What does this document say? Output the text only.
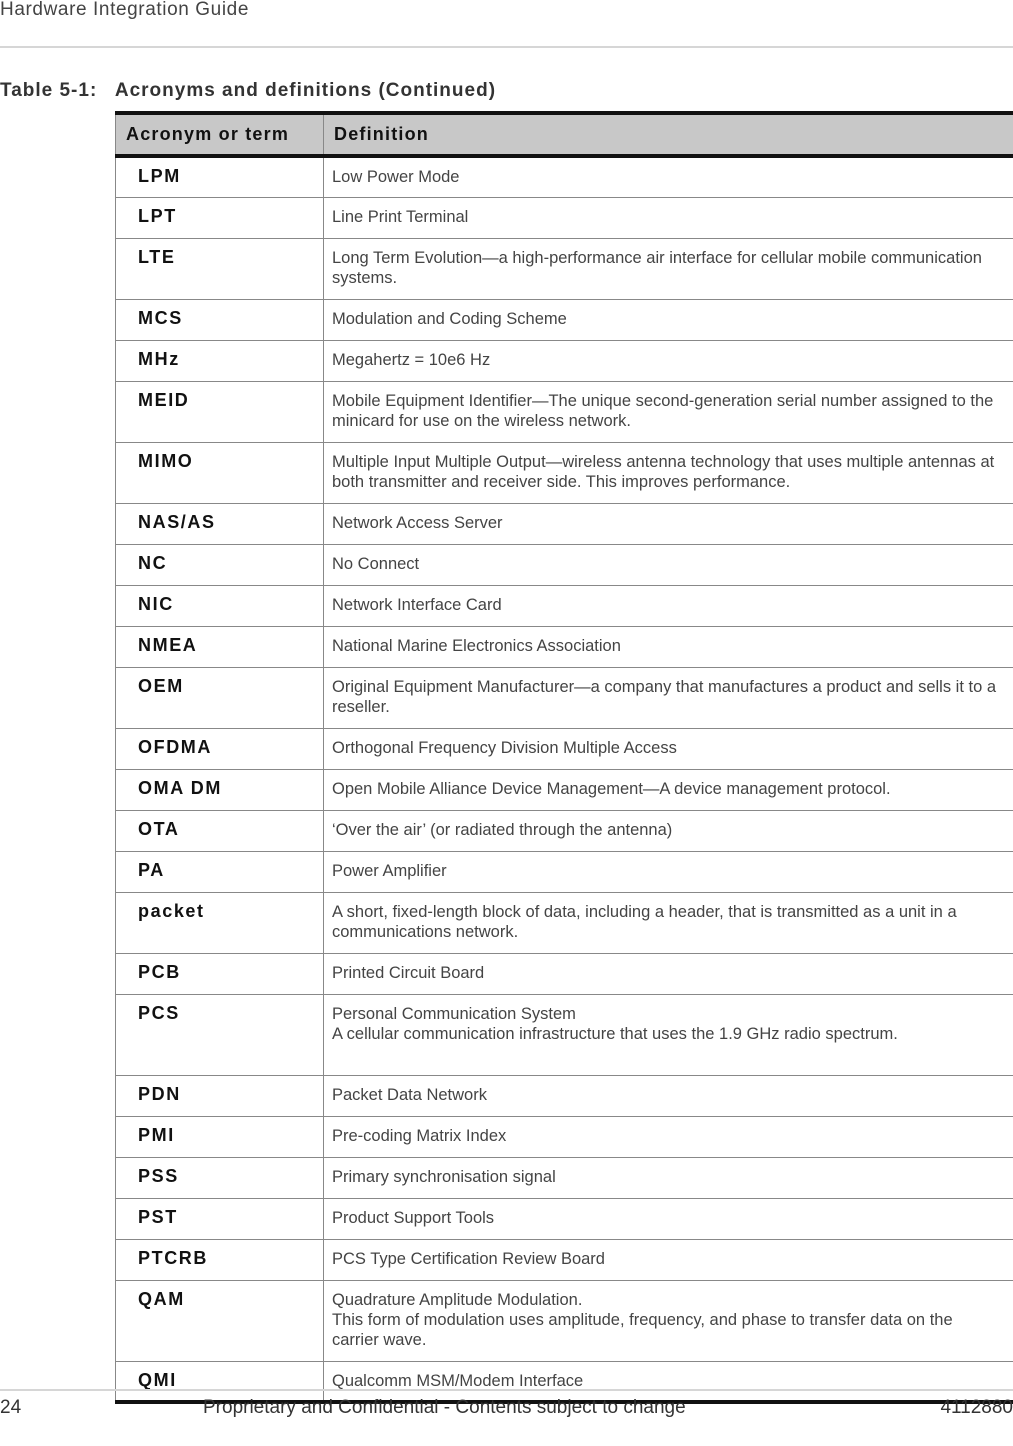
Hardware Integration Guide
Table 5-1: Acronyms and definitions (Continued)
Acronym or term	Definition
LPM	Low Power Mode

LPT	Line Print Terminal

LTE	Long Term Evolution—a high-performance air interface for cellular mobile communication systems.

MCS	Modulation and Coding Scheme

MHz	Megahertz = 10e6 Hz

MEID	Mobile Equipment Identifier—The unique second-generation serial number assigned to the minicard for use on the wireless network.

MIMO	Multiple Input Multiple Output—wireless antenna technology that uses multiple antennas at both transmitter and receiver side. This improves performance.

NAS/AS	Network Access Server

NC	No Connect

NIC	Network Interface Card

NMEA	National Marine Electronics Association

OEM	Original Equipment Manufacturer—a company that manufactures a product and sells it to a reseller.

OFDMA	Orthogonal Frequency Division Multiple Access

OMA DM	Open Mobile Alliance Device Management—A device management protocol.

OTA	‘Over the air’ (or radiated through the antenna)

PA	Power Amplifier

packet	A short, fixed-length block of data, including a header, that is transmitted as a unit in a communications network.

PCB	Printed Circuit Board

PCS	Personal Communication System
A cellular communication infrastructure that uses the 1.9 GHz radio spectrum.

PDN	Packet Data Network

PMI	Pre-coding Matrix Index

PSS	Primary synchronisation signal

PST	Product Support Tools

PTCRB	PCS Type Certification Review Board

QAM	Quadrature Amplitude Modulation.
This form of modulation uses amplitude, frequency, and phase to transfer data on the carrier wave.

QMI	Qualcomm MSM/Modem Interface
24	Proprietary and Confidential - Contents subject to change	4112880
